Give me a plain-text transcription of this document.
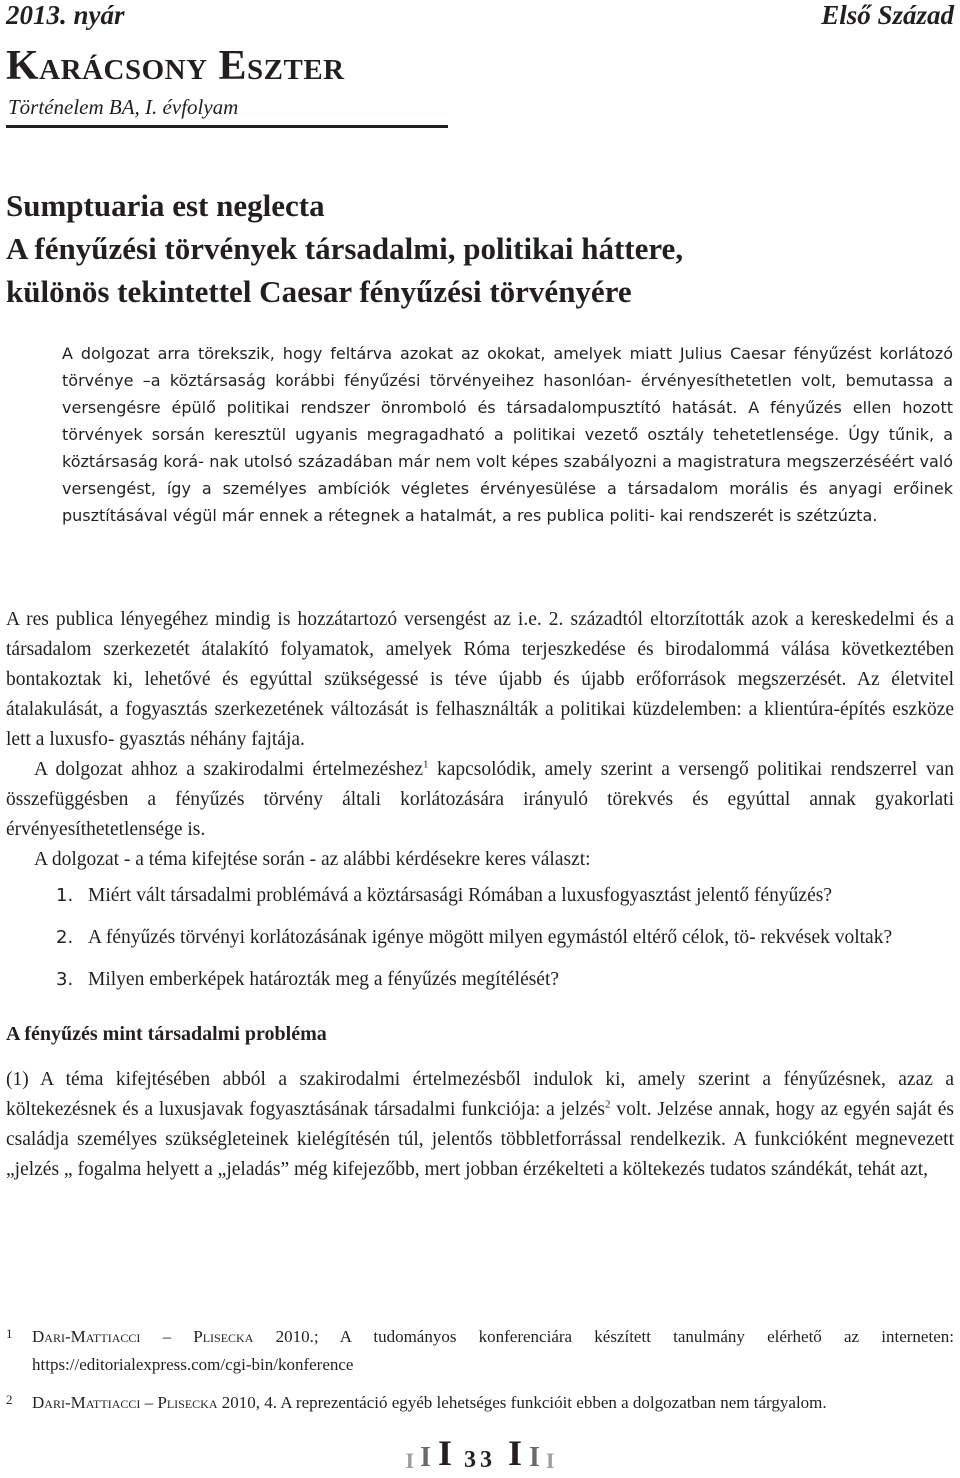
2013. nyár	Első Század
Karácsony Eszter
Történelem BA, I. évfolyam
Sumptuaria est neglecta
A fényűzési törvények társadalmi, politikai háttere,
különös tekintettel Caesar fényűzési törvényére

A dolgozat arra törekszik, hogy feltárva azokat az okokat, amelyek miatt Julius Caesar fényűzést korlátozó törvénye –a köztársaság korábbi fényűzési törvényeihez hasonlóan- érvényesíthetetlen volt, bemutassa a versengésre épülő politikai rendszer önromboló és társadalompusztító hatását. A fényűzés ellen hozott törvények sorsán keresztül ugyanis megragadható a politikai vezető osztály tehetetlensége. Úgy tűnik, a köztársaság korá- nak utolsó századában már nem volt képes szabályozni a magistratura megszerzéséért való versengést, így a személyes ambíciók végletes érvényesülése a társadalom morális és anyagi erőinek pusztításával végül már ennek a rétegnek a hatalmát, a res publica politi- kai rendszerét is szétzúzta.

A res publica lényegéhez mindig is hozzátartozó versengést az i.e. 2. századtól eltorzították azok a kereskedelmi és a társadalom szerkezetét átalakító folyamatok, amelyek Róma terjeszkedése és birodalommá válása következtében bontakoztak ki, lehetővé és egyúttal szükségessé is téve újabb és újabb erőforrások megszerzését. Az életvitel átalakulását, a fogyasztás szerkezetének változását is felhasználták a politikai küzdelemben: a klientúra-építés eszköze lett a luxusfo- gyasztás néhány fajtája.

A dolgozat ahhoz a szakirodalmi értelmezéshez$^1$ kapcsolódik, amely szerint a versengő politikai rendszerrel van összefüggésben a fényűzés törvény általi korlátozására irányuló törekvés és egyúttal annak gyakorlati érvényesíthetetlensége is.

A dolgozat - a téma kifejtése során - az alábbi kérdésekre keres választ:

1. Miért vált társadalmi problémává a köztársasági Rómában a luxusfogyasztást jelentő fényűzés?
2. A fényűzés törvényi korlátozásának igénye mögött milyen egymástól eltérő célok, tö- rekvések voltak?
3. Milyen emberképek határozták meg a fényűzés megítélését?
A fényűzés mint társadalmi probléma

(1) A téma kifejtésében abból a szakirodalmi értelmezésből indulok ki, amely szerint a fényűzésnek, azaz a költekezésnek és a luxusjavak fogyasztásának társadalmi funkciója: a jelzés$^2$ volt. Jelzése annak, hogy az egyén saját és családja személyes szükségleteinek kielégítésén túl, jelentős többletforrással rendelkezik. A funkcióként megnevezett „jelzés „ fogalma helyett a „jeladás” még kifejezőbb, mert jobban érzékelteti a költekezés tudatos szándékát, tehát azt,

1 Dari-Mattiacci – Plisecka 2010.; A tudományos konferenciára készített tanulmány elérhető az interneten: https://editorialexpress.com/cgi-bin/konference
2 Dari-Mattiacci – Plisecka 2010, 4. A reprezentáció egyéb lehetséges funkcióit ebben a dolgozatban nem tárgyalom.
I I I 33 I I I
